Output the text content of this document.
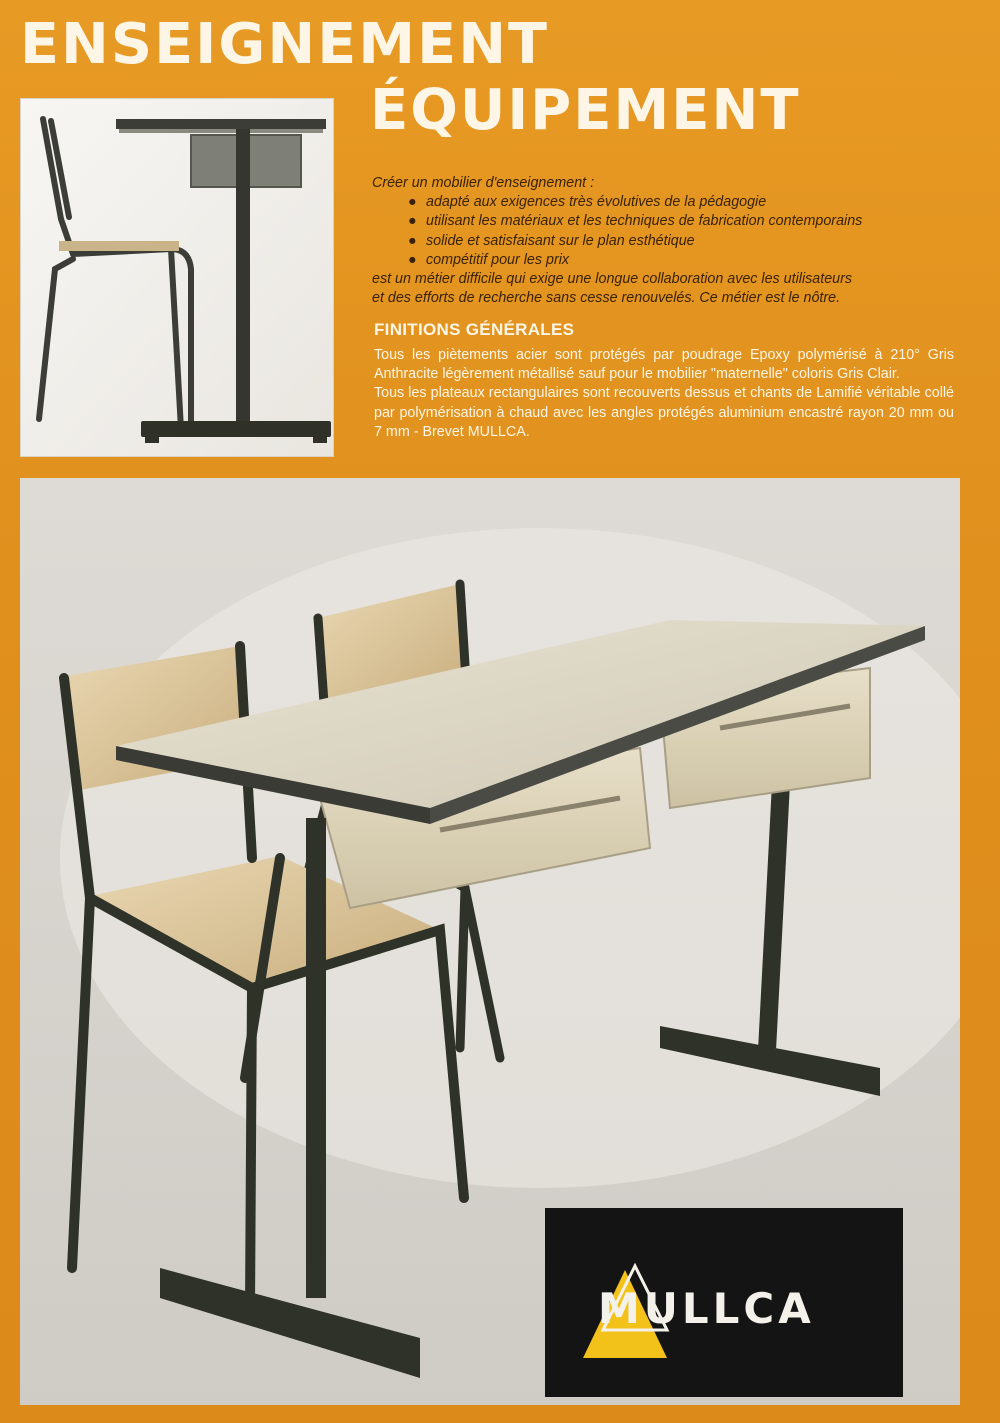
ENSEIGNEMENT
ÉQUIPEMENT
Créer un mobilier d'enseignement :
● adapté aux exigences très évolutives de la pédagogie
● utilisant les matériaux et les techniques de fabrication contemporains
● solide et satisfaisant sur le plan esthétique
● compétitif pour les prix
est un métier difficile qui exige une longue collaboration avec les utilisateurs
et des efforts de recherche sans cesse renouvelés. Ce métier est le nôtre.
FINITIONS GÉNÉRALES

Tous les piètements acier sont protégés par poudrage Epoxy polymérisé à 210° Gris Anthracite légèrement métallisé sauf pour le mobilier "maternelle" coloris Gris Clair.

Tous les plateaux rectangulaires sont recouverts dessus et chants de Lamifié véritable collé par polymérisation à chaud avec les angles protégés aluminium encastré rayon 20 mm ou 7 mm - Brevet MULLCA.

MULLCA
